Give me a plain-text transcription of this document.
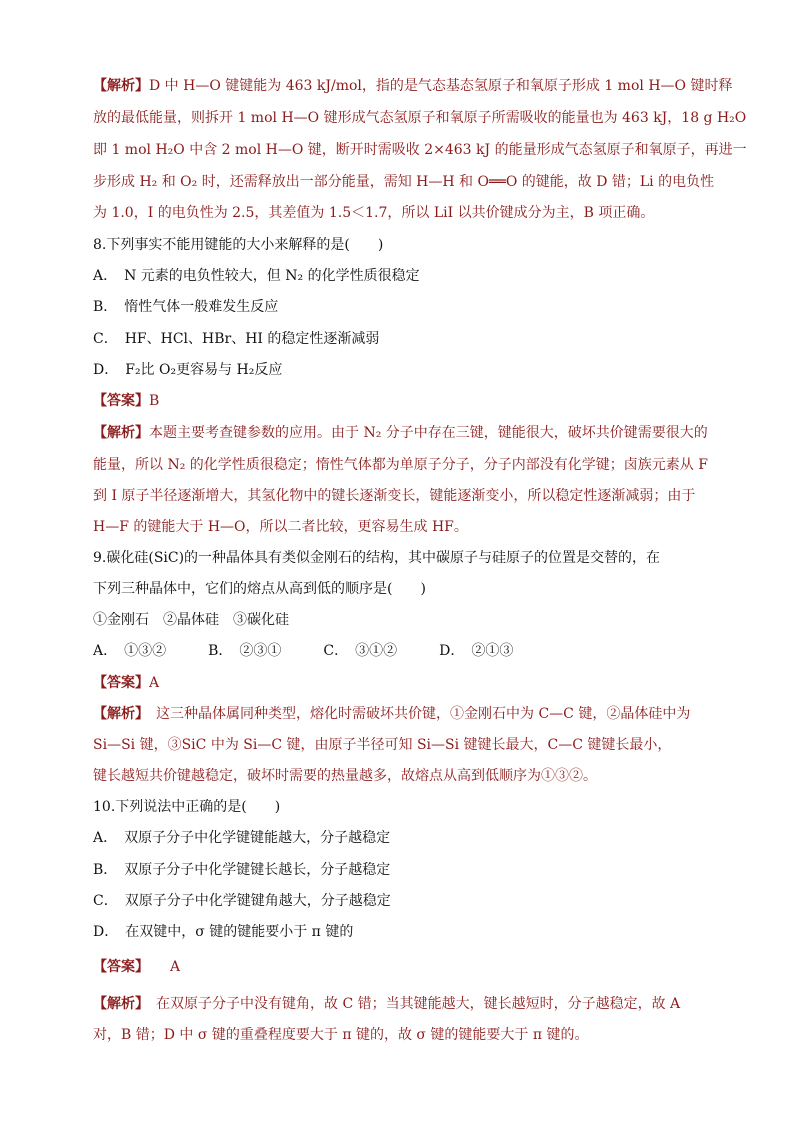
【解析】D 中 H—O 键键能为 463 kJ/mol，指的是气态基态氢原子和氧原子形成 1 mol H—O 键时释
放的最低能量，则拆开 1 mol H—O 键形成气态氢原子和氧原子所需吸收的能量也为 463 kJ，18 g H₂O
即 1 mol H₂O 中含 2 mol H—O 键，断开时需吸收 2×463 kJ 的能量形成气态氢原子和氧原子，再进一
步形成 H₂ 和 O₂ 时，还需释放出一部分能量，需知 H—H 和 O══O 的键能，故 D 错；Li 的电负性
为 1.0，I 的电负性为 2.5，其差值为 1.5＜1.7，所以 LiI 以共价键成分为主，B 项正确。
8.下列事实不能用键能的大小来解释的是(　　)
A．　N 元素的电负性较大，但 N₂ 的化学性质很稳定
B．　惰性气体一般难发生反应
C．　HF、HCl、HBr、HI 的稳定性逐渐减弱
D．　F₂比 O₂更容易与 H₂反应
【答案】B
【解析】本题主要考查键参数的应用。由于 N₂ 分子中存在三键，键能很大，破坏共价键需要很大的
能量，所以 N₂ 的化学性质很稳定；惰性气体都为单原子分子，分子内部没有化学键；卤族元素从 F
到 I 原子半径逐渐增大，其氢化物中的键长逐渐变长，键能逐渐变小，所以稳定性逐渐减弱；由于
H—F 的键能大于 H—O，所以二者比较，更容易生成 HF。
9.碳化硅(SiC)的一种晶体具有类似金刚石的结构，其中碳原子与硅原子的位置是交替的，在
下列三种晶体中，它们的熔点从高到低的顺序是(　　)
①金刚石　②晶体硅　③碳化硅
A．　①③②　　　B．　②③①　　　C．　③①②　　　D．　②①③
【答案】A
【解析】　这三种晶体属同种类型，熔化时需破坏共价键，①金刚石中为 C—C 键，②晶体硅中为
Si—Si 键，③SiC 中为 Si—C 键，由原子半径可知 Si—Si 键键长最大，C—C 键键长最小，
键长越短共价键越稳定，破坏时需要的热量越多，故熔点从高到低顺序为①③②。
10.下列说法中正确的是(　　)
A．　双原子分子中化学键键能越大，分子越稳定
B．　双原子分子中化学键键长越长，分子越稳定
C．　双原子分子中化学键键角越大，分子越稳定
D．　在双键中，σ 键的键能要小于 π 键的
【答案】　　A
【解析】　在双原子分子中没有键角，故 C 错；当其键能越大，键长越短时，分子越稳定，故 A
对，B 错；D 中 σ 键的重叠程度要大于 π 键的，故 σ 键的键能要大于 π 键的。
